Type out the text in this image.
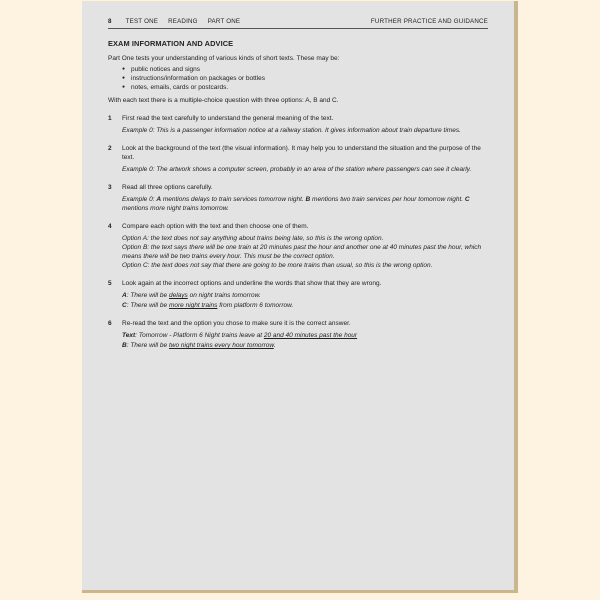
8 TEST ONE READING PART ONE	FURTHER PRACTICE AND GUIDANCE
EXAM INFORMATION AND ADVICE

Part One tests your understanding of various kinds of short texts. These may be:

● public notices and signs
● instructions/information on packages or bottles
● notes, emails, cards or postcards.

With each text there is a multiple-choice question with three options: A, B and C.

1	First read the text carefully to understand the general meaning of the text.

Example 0: This is a passenger information notice at a railway station. It gives information about train departure times.

2	Look at the background of the text (the visual information). It may help you to understand the situation and the purpose of the text.

Example 0: The artwork shows a computer screen, probably in an area of the station where passengers can see it clearly.

3	Read all three options carefully.

Example 0: A mentions delays to train services tomorrow night. B mentions two train services per hour tomorrow night. C mentions more night trains tomorrow.

4	Compare each option with the text and then choose one of them.

Option A: the text does not say anything about trains being late, so this is the wrong option.
Option B: the text says there will be one train at 20 minutes past the hour and another one at 40 minutes past the hour, which means there will be two trains every hour. This must be the correct option.
Option C: the text does not say that there are going to be more trains than usual, so this is the wrong option.

5	Look again at the incorrect options and underline the words that show that they are wrong.

A: There will be delays on night trains tomorrow.

C: There will be more night trains from platform 6 tomorrow.

6	Re-read the text and the option you chose to make sure it is the correct answer.

Text: Tomorrow - Platform 6 Night trains leave at 20 and 40 minutes past the hour

B: There will be two night trains every hour tomorrow.
